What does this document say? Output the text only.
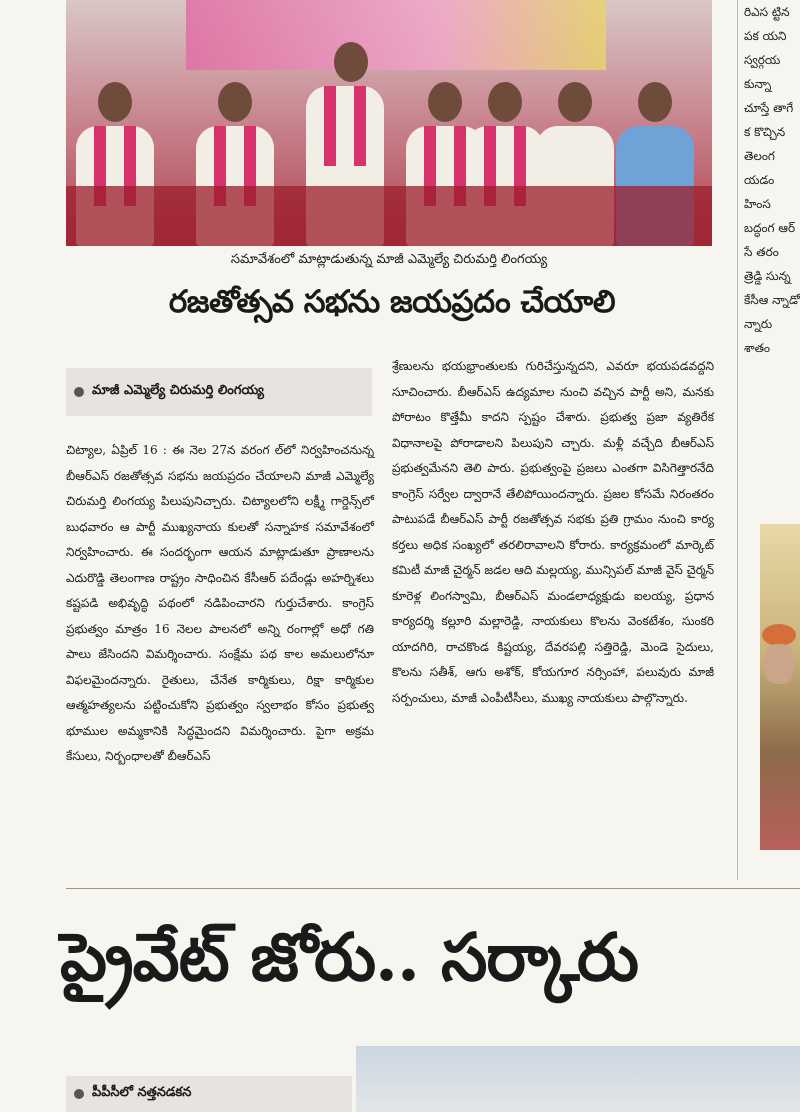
సమావేశంలో మాట్లాడుతున్న మాజీ ఎమ్మెల్యే చిరుమర్తి లింగయ్య
రజతోత్సవ సభను జయప్రదం చేయాలి
మాజీ ఎమ్మెల్యే చిరుమర్తి లింగయ్య
చిట్యాల, ఏప్రిల్ 16 : ఈ నెల 27న వరంగ ల్‌లో నిర్వహించనున్న బీఆర్ఎస్ రజతోత్సవ సభను జయప్రదం చేయాలని మాజీ ఎమ్మెల్యే చిరుమర్తి లింగయ్య పిలుపునిచ్చారు. చిట్యాలలోని లక్ష్మీ గార్డెన్స్‌లో బుధవారం ఆ పార్టీ ముఖ్యనాయ కులతో సన్నాహక సమావేశంలో నిర్వహించారు. ఈ సందర్భంగా ఆయన మాట్లాడుతూ ప్రాణాలను ఎదురొడ్డి తెలంగాణ రాష్ట్రం సాధించిన కేసీఆర్ పదేండ్లు అహర్నిశలు కష్టపడి అభివృద్ధి పథంలో నడిపించారని గుర్తుచేశారు. కాంగ్రెస్ ప్రభుత్వం మాత్రం 16 నెలల పాలనలో అన్ని రంగాల్లో అధో గతి పాలు జేసిందని విమర్శించారు. సంక్షేమ పథ కాల అమలులోనూ విఫలమైందన్నారు. రైతులు, చేనేత కార్మికులు, రిక్షా కార్మికుల ఆత్మహత్యలను పట్టించుకోని ప్రభుత్వం స్వలాభం కోసం ప్రభుత్వ భూముల అమ్మకానికి సిద్ధమైందని విమర్శించారు. పైగా అక్రమ కేసులు, నిర్బంధాలతో బీఆర్ఎస్
శ్రేణులను భయభ్రాంతులకు గురిచేస్తున్నదని, ఎవరూ భయపడవద్దని సూచించారు. బీఆర్ఎస్ ఉద్యమాల నుంచి వచ్చిన పార్టీ అని, మనకు పోరాటం కొత్తేమీ కాదని స్పష్టం చేశారు. ప్రభుత్వ ప్రజా వ్యతిరేక విధానాలపై పోరాడాలని పిలుపుని చ్చారు. మళ్లీ వచ్చేది బీఆర్ఎస్ ప్రభుత్వమేనని తెలి పారు. ప్రభుత్వంపై ప్రజలు ఎంతగా విసిగెత్తారనేది కాంగ్రెస్ సర్వేల ద్వారానే తేలిపోయిందన్నారు. ప్రజల కోసమే నిరంతరం పాటుపడే బీఆర్ఎస్ పార్టీ రజతోత్సవ సభకు ప్రతి గ్రామం నుంచి కార్య కర్తలు అధిక సంఖ్యలో తరలిరావాలని కోరారు. కార్యక్రమంలో మార్కెట్ కమిటీ మాజీ చైర్మన్ జడల ఆది మల్లయ్య, మున్సిపల్ మాజీ వైస్ చైర్మన్ కూరెళ్ల లింగస్వామి, బీఆర్ఎస్ మండలాధ్యక్షుడు ఐలయ్య, ప్రధాన కార్యదర్శి కల్లూరి మల్లారెడ్డి, నాయకులు కొలను వెంకటేశం, సుంకరి యాదగిరి, రాచకొండ కిష్టయ్య, దేవరపల్లి సత్తిరెడ్డి, మెండె సైదులు, కొలను సతీశ్, ఆగు అశోక్, కోయగూర నర్సింహా, పలువురు మాజీ సర్పంచులు, మాజీ ఎంపీటీసీలు, ముఖ్య నాయకులు పాల్గొన్నారు.
రిఎస ట్టిన పక యని స్వర్గయ కున్నా చూస్తే తాగే క కొచ్చిన తెలంగ యడం హింస బద్ధంగ ఆర్ సే తరం త్రెడ్డి సున్న కేసీఆ న్నాడో న్నారు శాతం
ప్రైవేట్ జోరు.. సర్కారు
పీపీసీలో నత్తనడకన
